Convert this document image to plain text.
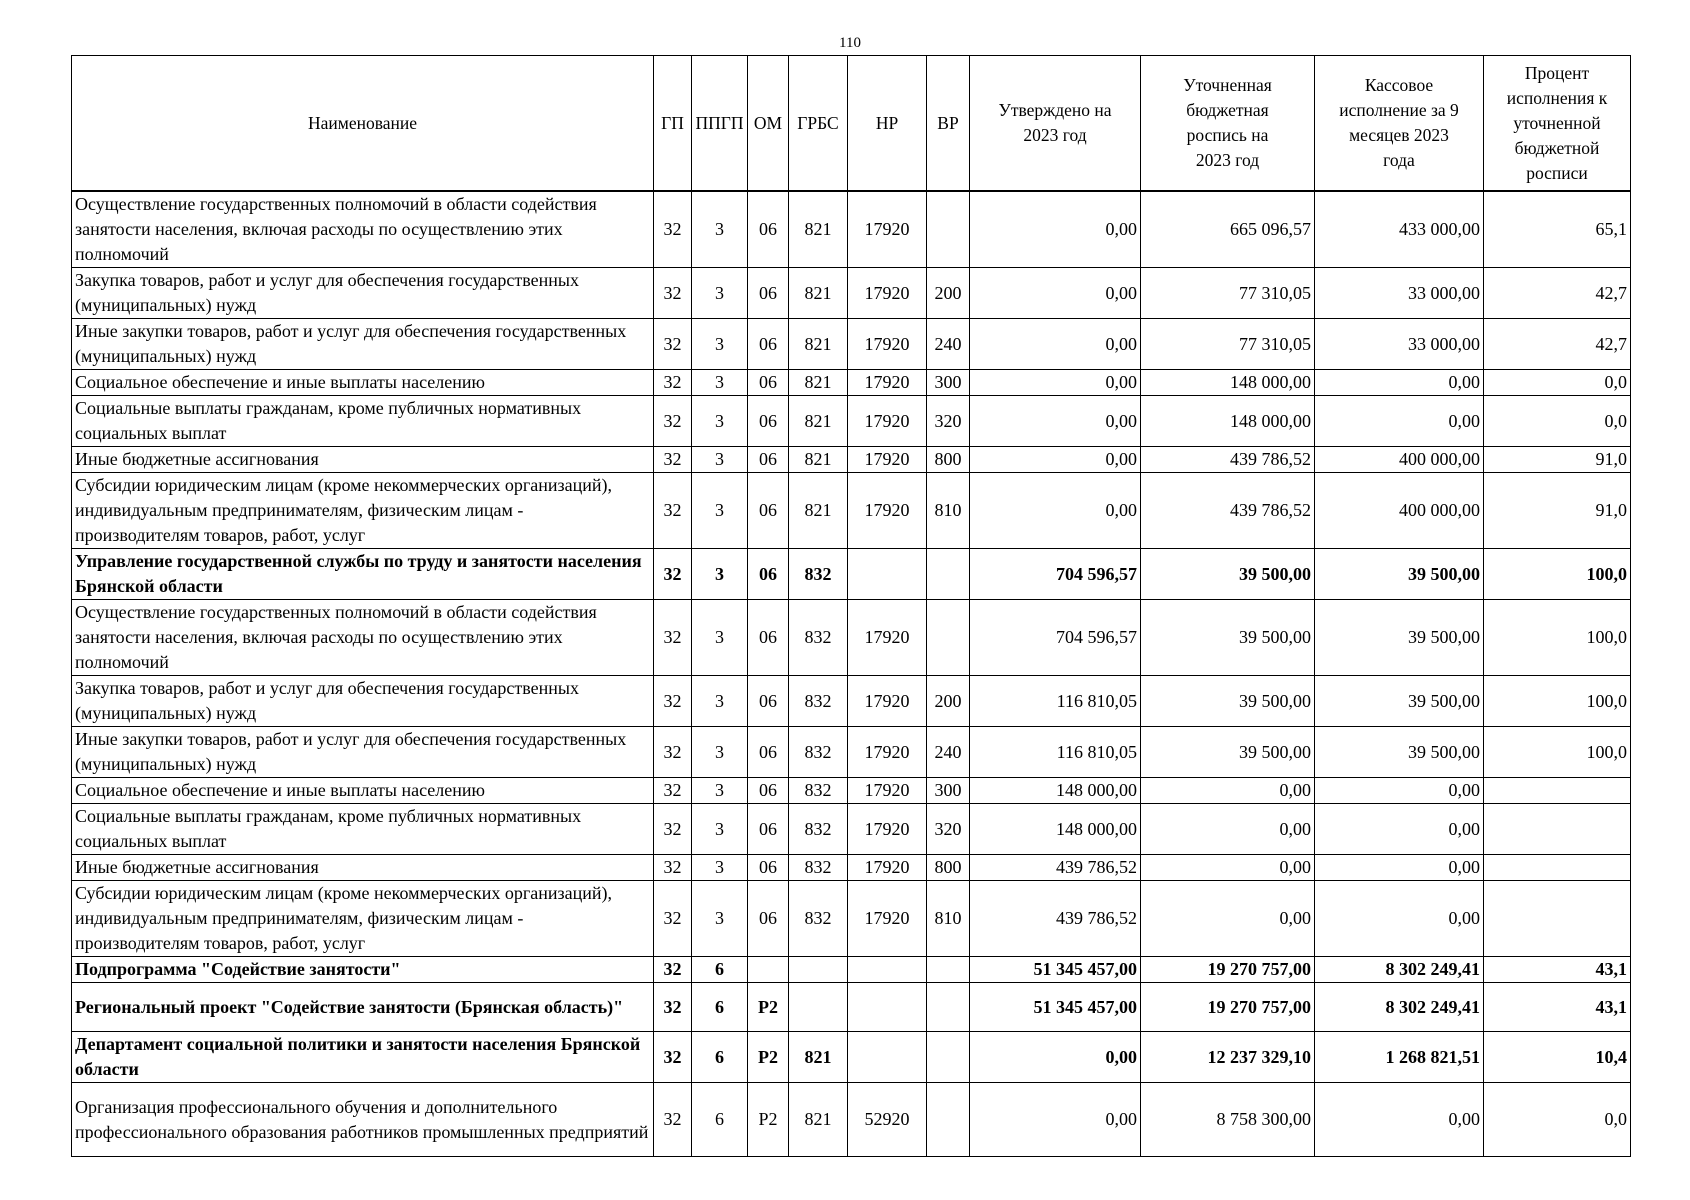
110
Наименование	ГП	ППГП	ОМ	ГРБС	НР	ВР	Утверждено на 2023 год	Уточненная бюджетная роспись на 2023 год	Кассовое исполнение за 9 месяцев 2023 года	Процент исполнения к уточненной бюджетной росписи
Осуществление государственных полномочий в области содействия занятости населения, включая расходы по осуществлению этих полномочий	32	3	06	821	17920		0,00	665 096,57	433 000,00	65,1
Закупка товаров, работ и услуг для обеспечения государственных (муниципальных) нужд	32	3	06	821	17920	200	0,00	77 310,05	33 000,00	42,7
Иные закупки товаров, работ и услуг для обеспечения государственных (муниципальных) нужд	32	3	06	821	17920	240	0,00	77 310,05	33 000,00	42,7
Социальное обеспечение и иные выплаты населению	32	3	06	821	17920	300	0,00	148 000,00	0,00	0,0
Социальные выплаты гражданам, кроме публичных нормативных социальных выплат	32	3	06	821	17920	320	0,00	148 000,00	0,00	0,0
Иные бюджетные ассигнования	32	3	06	821	17920	800	0,00	439 786,52	400 000,00	91,0
Субсидии юридическим лицам (кроме некоммерческих организаций), индивидуальным предпринимателям, физическим лицам - производителям товаров, работ, услуг	32	3	06	821	17920	810	0,00	439 786,52	400 000,00	91,0
Управление государственной службы по труду и занятости населения Брянской области	32	3	06	832			704 596,57	39 500,00	39 500,00	100,0
Осуществление государственных полномочий в области содействия занятости населения, включая расходы по осуществлению этих полномочий	32	3	06	832	17920		704 596,57	39 500,00	39 500,00	100,0
Закупка товаров, работ и услуг для обеспечения государственных (муниципальных) нужд	32	3	06	832	17920	200	116 810,05	39 500,00	39 500,00	100,0
Иные закупки товаров, работ и услуг для обеспечения государственных (муниципальных) нужд	32	3	06	832	17920	240	116 810,05	39 500,00	39 500,00	100,0
Социальное обеспечение и иные выплаты населению	32	3	06	832	17920	300	148 000,00	0,00	0,00	
Социальные выплаты гражданам, кроме публичных нормативных социальных выплат	32	3	06	832	17920	320	148 000,00	0,00	0,00	
Иные бюджетные ассигнования	32	3	06	832	17920	800	439 786,52	0,00	0,00	
Субсидии юридическим лицам (кроме некоммерческих организаций), индивидуальным предпринимателям, физическим лицам - производителям товаров, работ, услуг	32	3	06	832	17920	810	439 786,52	0,00	0,00	
Подпрограмма "Содействие занятости"	32	6					51 345 457,00	19 270 757,00	8 302 249,41	43,1
Региональный проект "Содействие занятости (Брянская область)"	32	6	Р2				51 345 457,00	19 270 757,00	8 302 249,41	43,1
Департамент социальной политики и занятости населения Брянской области	32	6	Р2	821			0,00	12 237 329,10	1 268 821,51	10,4
Организация профессионального обучения и дополнительного профессионального образования работников промышленных предприятий	32	6	Р2	821	52920		0,00	8 758 300,00	0,00	0,0
